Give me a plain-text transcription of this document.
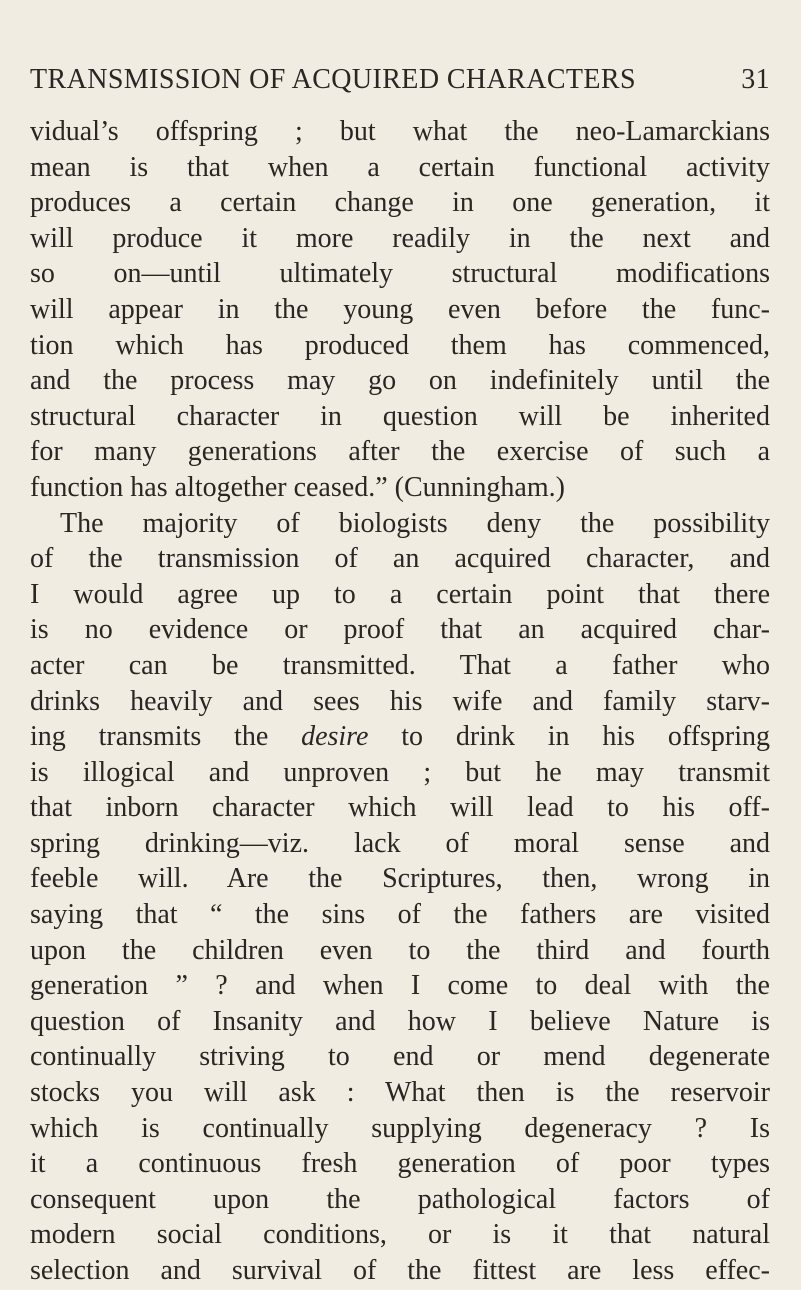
TRANSMISSION OF ACQUIRED CHARACTERS	31
vidual’s offspring ; but what the neo-Lamarckians
mean is that when a certain functional activity
produces a certain change in one generation, it
will produce it more readily in the next and
so on—until ultimately structural modifications
will appear in the young even before the func-
tion which has produced them has commenced,
and the process may go on indefinitely until the
structural character in question will be inherited
for many generations after the exercise of such a
function has altogether ceased.” (Cunningham.)
The majority of biologists deny the possibility
of the transmission of an acquired character, and
I would agree up to a certain point that there
is no evidence or proof that an acquired char-
acter can be transmitted. That a father who
drinks heavily and sees his wife and family starv-
ing transmits the desire to drink in his offspring
is illogical and unproven ; but he may transmit
that inborn character which will lead to his off-
spring drinking—viz. lack of moral sense and
feeble will. Are the Scriptures, then, wrong in
saying that “ the sins of the fathers are visited
upon the children even to the third and fourth
generation ” ? and when I come to deal with the
question of Insanity and how I believe Nature is
continually striving to end or mend degenerate
stocks you will ask : What then is the reservoir
which is continually supplying degeneracy ? Is
it a continuous fresh generation of poor types
consequent upon the pathological factors of
modern social conditions, or is it that natural
selection and survival of the fittest are less effec-
